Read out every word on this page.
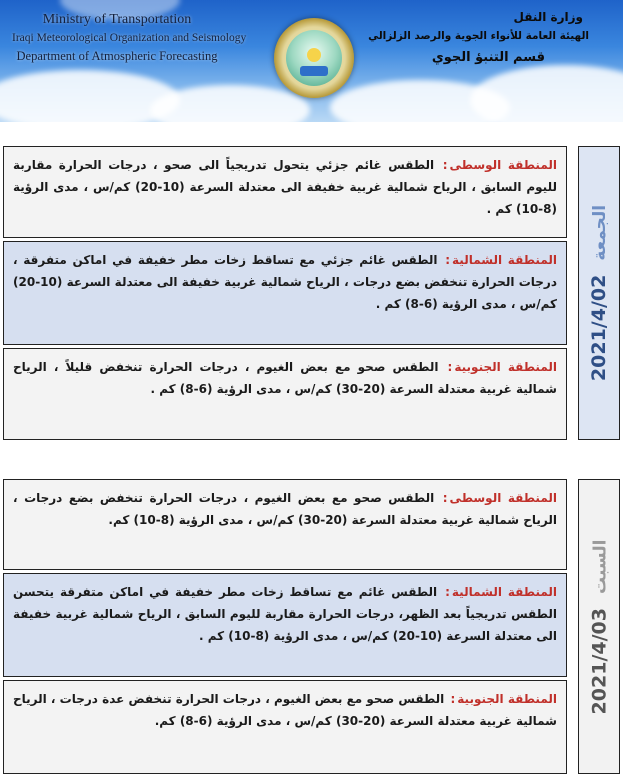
Ministry of Transportation
Iraqi Meteorological Organization and Seismology
Department of Atmospheric Forecasting
وزارة النقل
الهيئة العامة للأنواء الجوية والرصد الزلزالي
قسم التنبؤ الجوي
الجمعة
2021/4/02
المنطقة الوسطى: الطقس غائم جزئي يتحول تدريجياً الى صحو ، درجات الحرارة مقاربة لليوم السابق ، الرياح شمالية غربية خفيفة الى معتدلة السرعة (10-20) كم/س ، مدى الرؤية (8-10) كم .
المنطقة الشمالية: الطقس غائم جزئي مع تساقط زخات مطر خفيفة في اماكن متفرقة ، درجات الحرارة تنخفض بضع درجات ، الرياح شمالية غربية خفيفة الى معتدلة السرعة (10-20) كم/س ، مدى الرؤية (6-8) كم .
المنطقة الجنوبية: الطقس صحو مع بعض الغيوم ، درجات الحرارة تنخفض قليلاً ، الرياح شمالية غربية معتدلة السرعة (20-30) كم/س ، مدى الرؤية (6-8) كم .
السبت
2021/4/03
المنطقة الوسطى: الطقس صحو مع بعض الغيوم ، درجات الحرارة تنخفض بضع درجات ، الرياح شمالية غربية معتدلة السرعة (20-30) كم/س ، مدى الرؤية (8-10) كم.
المنطقة الشمالية: الطقس غائم مع تساقط زخات مطر خفيفة في اماكن متفرقة يتحسن الطقس تدريجياً بعد الظهر، درجات الحرارة مقاربة لليوم السابق ، الرياح شمالية غربية خفيفة الى معتدلة السرعة (10-20) كم/س ، مدى الرؤية (8-10) كم .
المنطقة الجنوبية: الطقس صحو مع بعض الغيوم ، درجات الحرارة تنخفض عدة درجات ، الرياح شمالية غربية معتدلة السرعة (20-30) كم/س ، مدى الرؤية (6-8) كم.
